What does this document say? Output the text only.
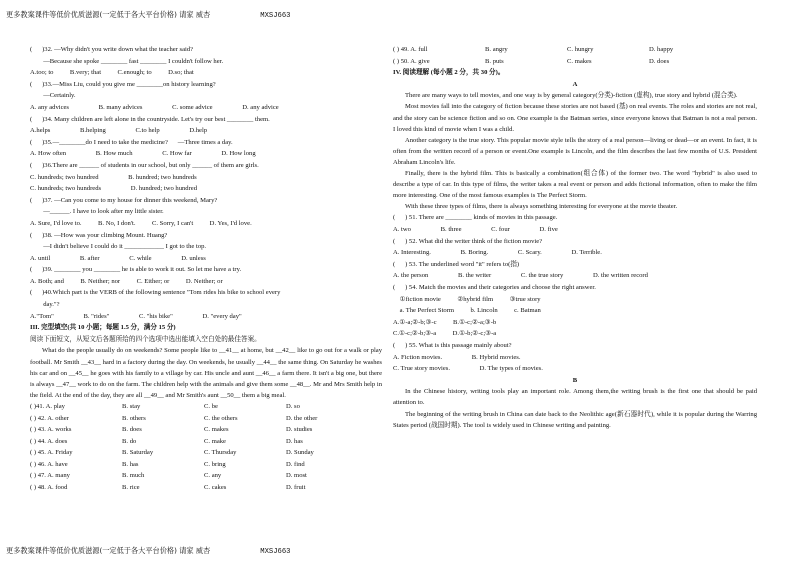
更多教案课件等低价优质滋源(一定低于各大平台价格) 请家 威杏	MXSJ663
(      )32. —Why didn't you write down what the teacher said?
—Because she spoke ________ fast ________ I couldn't follow her.
A.too; to          B.very; that          C.enough; to          D.so; that
(      )33.—Miss Liu, could you give me ________on history learning?
—Certainly.
A. any advices                  B. many advices                  C. some advice                  D. any advice
(      )34. Many children are left alone in the countryside. Let's try our best ________ them.
A.helps                  B.helping                  C.to help                  D.help
(      )35.—________do I need to take the medicine?      —Three times a day.
A. How often                  B. How much                  C. How far                  D. How long
(      )36.There are ______ of students in our school, but only ______ of them are girls.
C. hundreds; two hundred                  B. hundred; two hundreds
C. hundreds; two hundreds                  D. hundred; two hundred
(      )37. —Can you come to my house for dinner this weekend, Mary?
—______. I have to look after my little sister.
A. Sure, I'd love to.          B. No, I don't.          C. Sorry, I can't          D. Yes, I'd love.
(      )38. —How was your climbing Mount. Huang?
—I didn't believe I could do it ____________ I got to the top.
A. until                  B. after                  C. while                  D. unless
(      )39. ________ you ________ he is able to work it out. So let me have a try.
A. Both; and          B. Neither; nor          C. Either; or          D. Neither; or
(      )40.Which part is the VERB of the following sentence "Tom rides his bike to school every
day."?
A."Tom"                  B. "rides"                  C. "his bike"                  D. "every day"
III. 完型填空(共 10 小题；每题 1.5 分，满分 15 分)
阅读下面短文，从短文后各题所给的四个选项中选出能填入空白处的最佳答案。
What do the people usually do on weekends? Some people like to __41__ at home, but __42__ like to go out for a walk or play football. Mr Smith __43__ hard in a factory during the day. On weekends, he usually __44__ the same thing. On Saturday he washes his car and on __45__ he goes with his family to a village by car. His uncle and aunt __46__ a farm there. It isn't a big one, but there is always __47__ work to do on the farm. The children help with the animals and give them some __48__. Mr and Mrs Smith help in the field. At the end of the day, they are all __49__ and Mr Smith's aunt __50__ them a big meal.
( )41. A. play	B. stay	C. be	D. so
( ) 42. A. other	B. others	C. the others	D. the other
( ) 43. A. works	B. does	C. makes	D. studies
( ) 44. A. does	B. do	C. make	D. has
( ) 45. A. Friday	B. Saturday	C. Thursday	D. Sunday
( ) 46. A. have	B. has	C. bring	D. find
( ) 47. A. many	B. much	C. any	D. most
( ) 48. A. food	B. rice	C. cakes	D. fruit
( ) 49. A. full	B. angry	C. hungry	D. happy
( ) 50. A. give	B. puts	C. makes	D. does
IV. 阅读理解 (每小题 2 分，共 30 分)。
A
There are many ways to tell movies, and one way is by general category(分类)-fiction (虚构), true story and hybrid (混合类).
Most movies fall into the category of fiction because these stories are not based (基) on real events. The roles and stories are not real, and the story can be science fiction and so on. One example is the Batman series, since everyone knows that Batman is not a real person. I loved this kind of movie when I was a child.
Another category is the true story. This popular movie style tells the story of a real person—living or dead—or an event. In fact, it is often from the written record of a person or event.One example is Lincoln, and the film describes the last few months of U.S. President Abraham Lincoln's life.
Finally, there is the hybrid film. This is basically a combination(组合体) of the former two. The word "hybrid" is also used to describe a type of car. In this type of films, the writer takes a real event or person and adds fictional information, often to make the film more interesting. One of the most famous examples is The Perfect Storm.
With these three types of films, there is always something interesting for everyone at the movie theater.
(      ) 51. There are ________ kinds of movies in this passage.
A. two                  B. three                  C. four                  D. five
(      ) 52. What did the writer think of the fiction movie?
A. Interesting.                  B. Boring.                  C. Scary.                  D. Terrible.
(      ) 53. The underlined word "it" refers to(指)
A. the person                  B. the writer                  C. the true story                  D. the written record
(      ) 54. Match the movies and their categories and choose the right answer.
①fiction movie          ②hybrid film          ③true story
a. The Perfect Storm          b. Lincoln          c. Batman
A.①-a;②-b;③-c          B.①-c;②-a;③-b
C.①-c;②-b;③-a          D.①-b;②-c;③-a
(      ) 55. What is this passage mainly about?
A. Fiction movies.                  B. Hybrid movies.
C. True story movies.                  D. The types of movies.
B
In the Chinese history, writing tools play an important role. Among them,the writing brush is the first one that should be paid attention to.
The beginning of the writing brush in China can date back to the Neolithic age(新石器时代), while it is popular during the Warring States period (战国时期). The tool is widely used in Chinese writing and painting.
更多教案课件等低价优质滋源(一定低于各大平台价格) 请家 威杏	MXSJ663
